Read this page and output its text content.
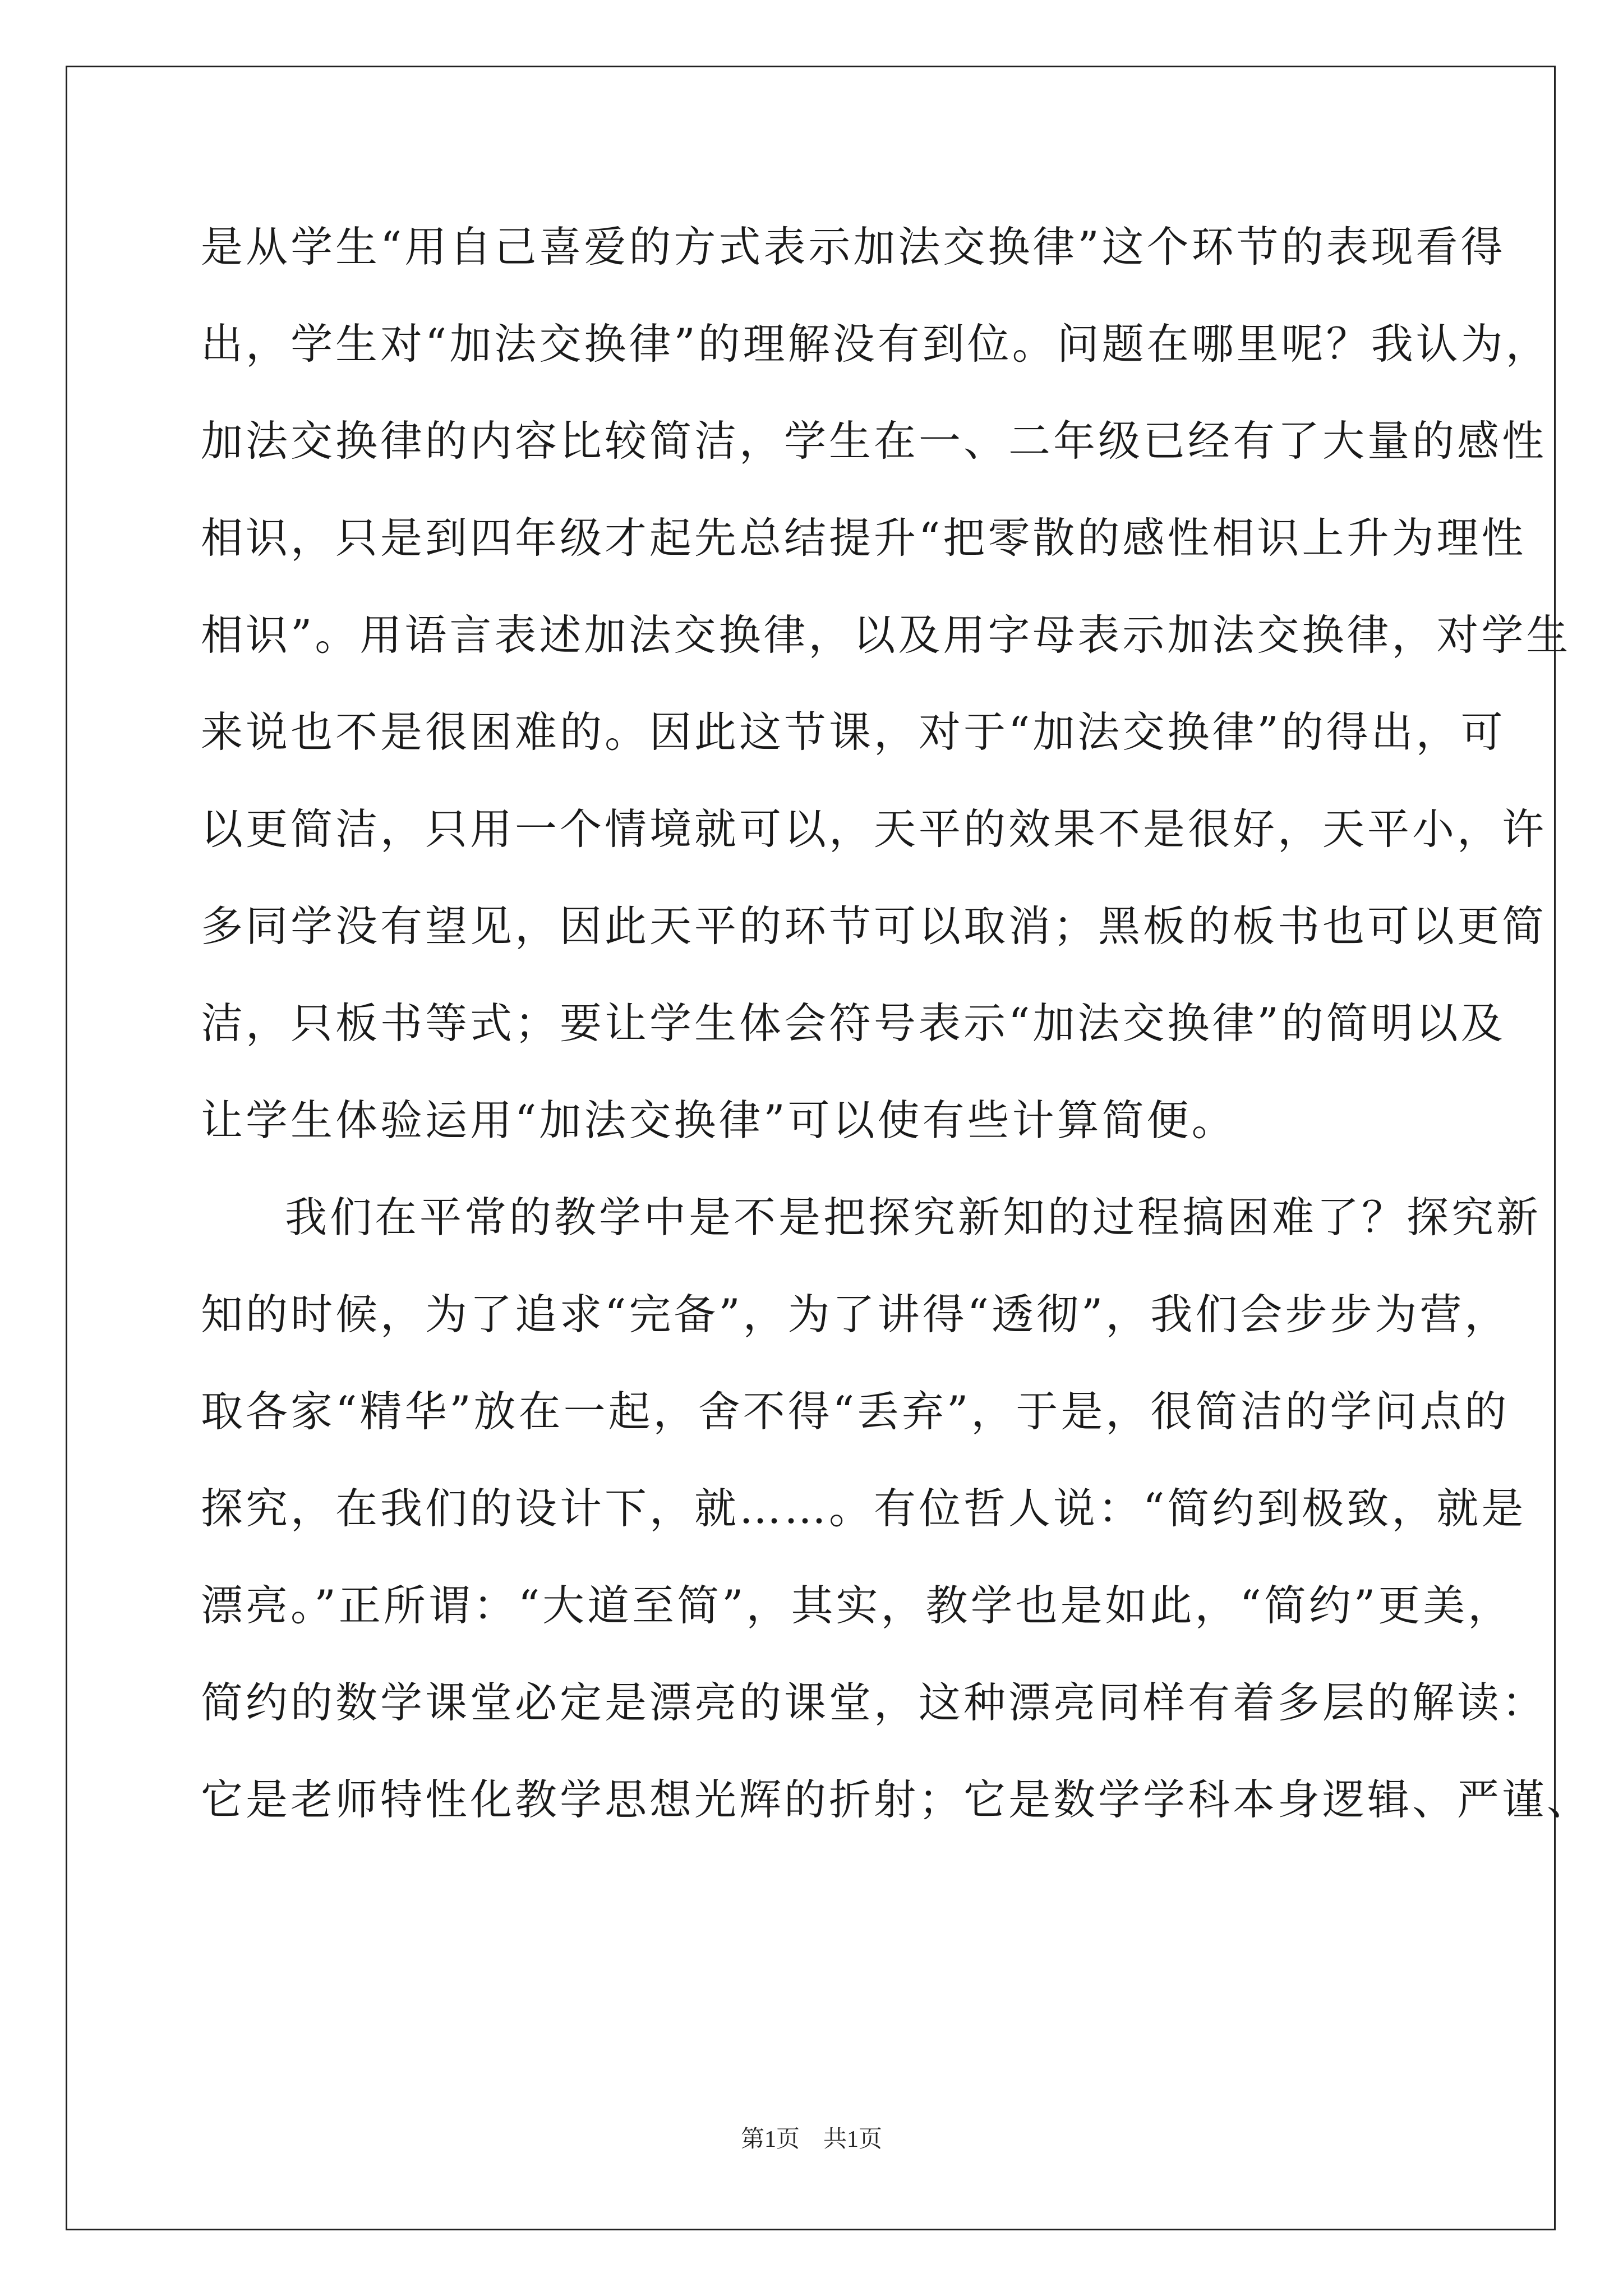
是从学生“用自己喜爱的方式表示加法交换律”这个环节的表现看得
出，学生对“加法交换律”的理解没有到位。问题在哪里呢？我认为，
加法交换律的内容比较简洁，学生在一、二年级已经有了大量的感性
相识，只是到四年级才起先总结提升“把零散的感性相识上升为理性
相识”。用语言表述加法交换律，以及用字母表示加法交换律，对学生
来说也不是很困难的。因此这节课，对于“加法交换律”的得出，可
以更简洁，只用一个情境就可以，天平的效果不是很好，天平小，许
多同学没有望见，因此天平的环节可以取消；黑板的板书也可以更简
洁，只板书等式；要让学生体会符号表示“加法交换律”的简明以及
让学生体验运用“加法交换律”可以使有些计算简便。
我们在平常的教学中是不是把探究新知的过程搞困难了？探究新
知的时候，为了追求“完备”，为了讲得“透彻”，我们会步步为营，
取各家“精华”放在一起，舍不得“丢弃”，于是，很简洁的学问点的
探究，在我们的设计下，就……。有位哲人说：“简约到极致，就是
漂亮。”正所谓：“大道至简”，其实，教学也是如此，“简约”更美，
简约的数学课堂必定是漂亮的课堂，这种漂亮同样有着多层的解读：
它是老师特性化教学思想光辉的折射；它是数学学科本身逻辑、严谨、
第1页　共1页
